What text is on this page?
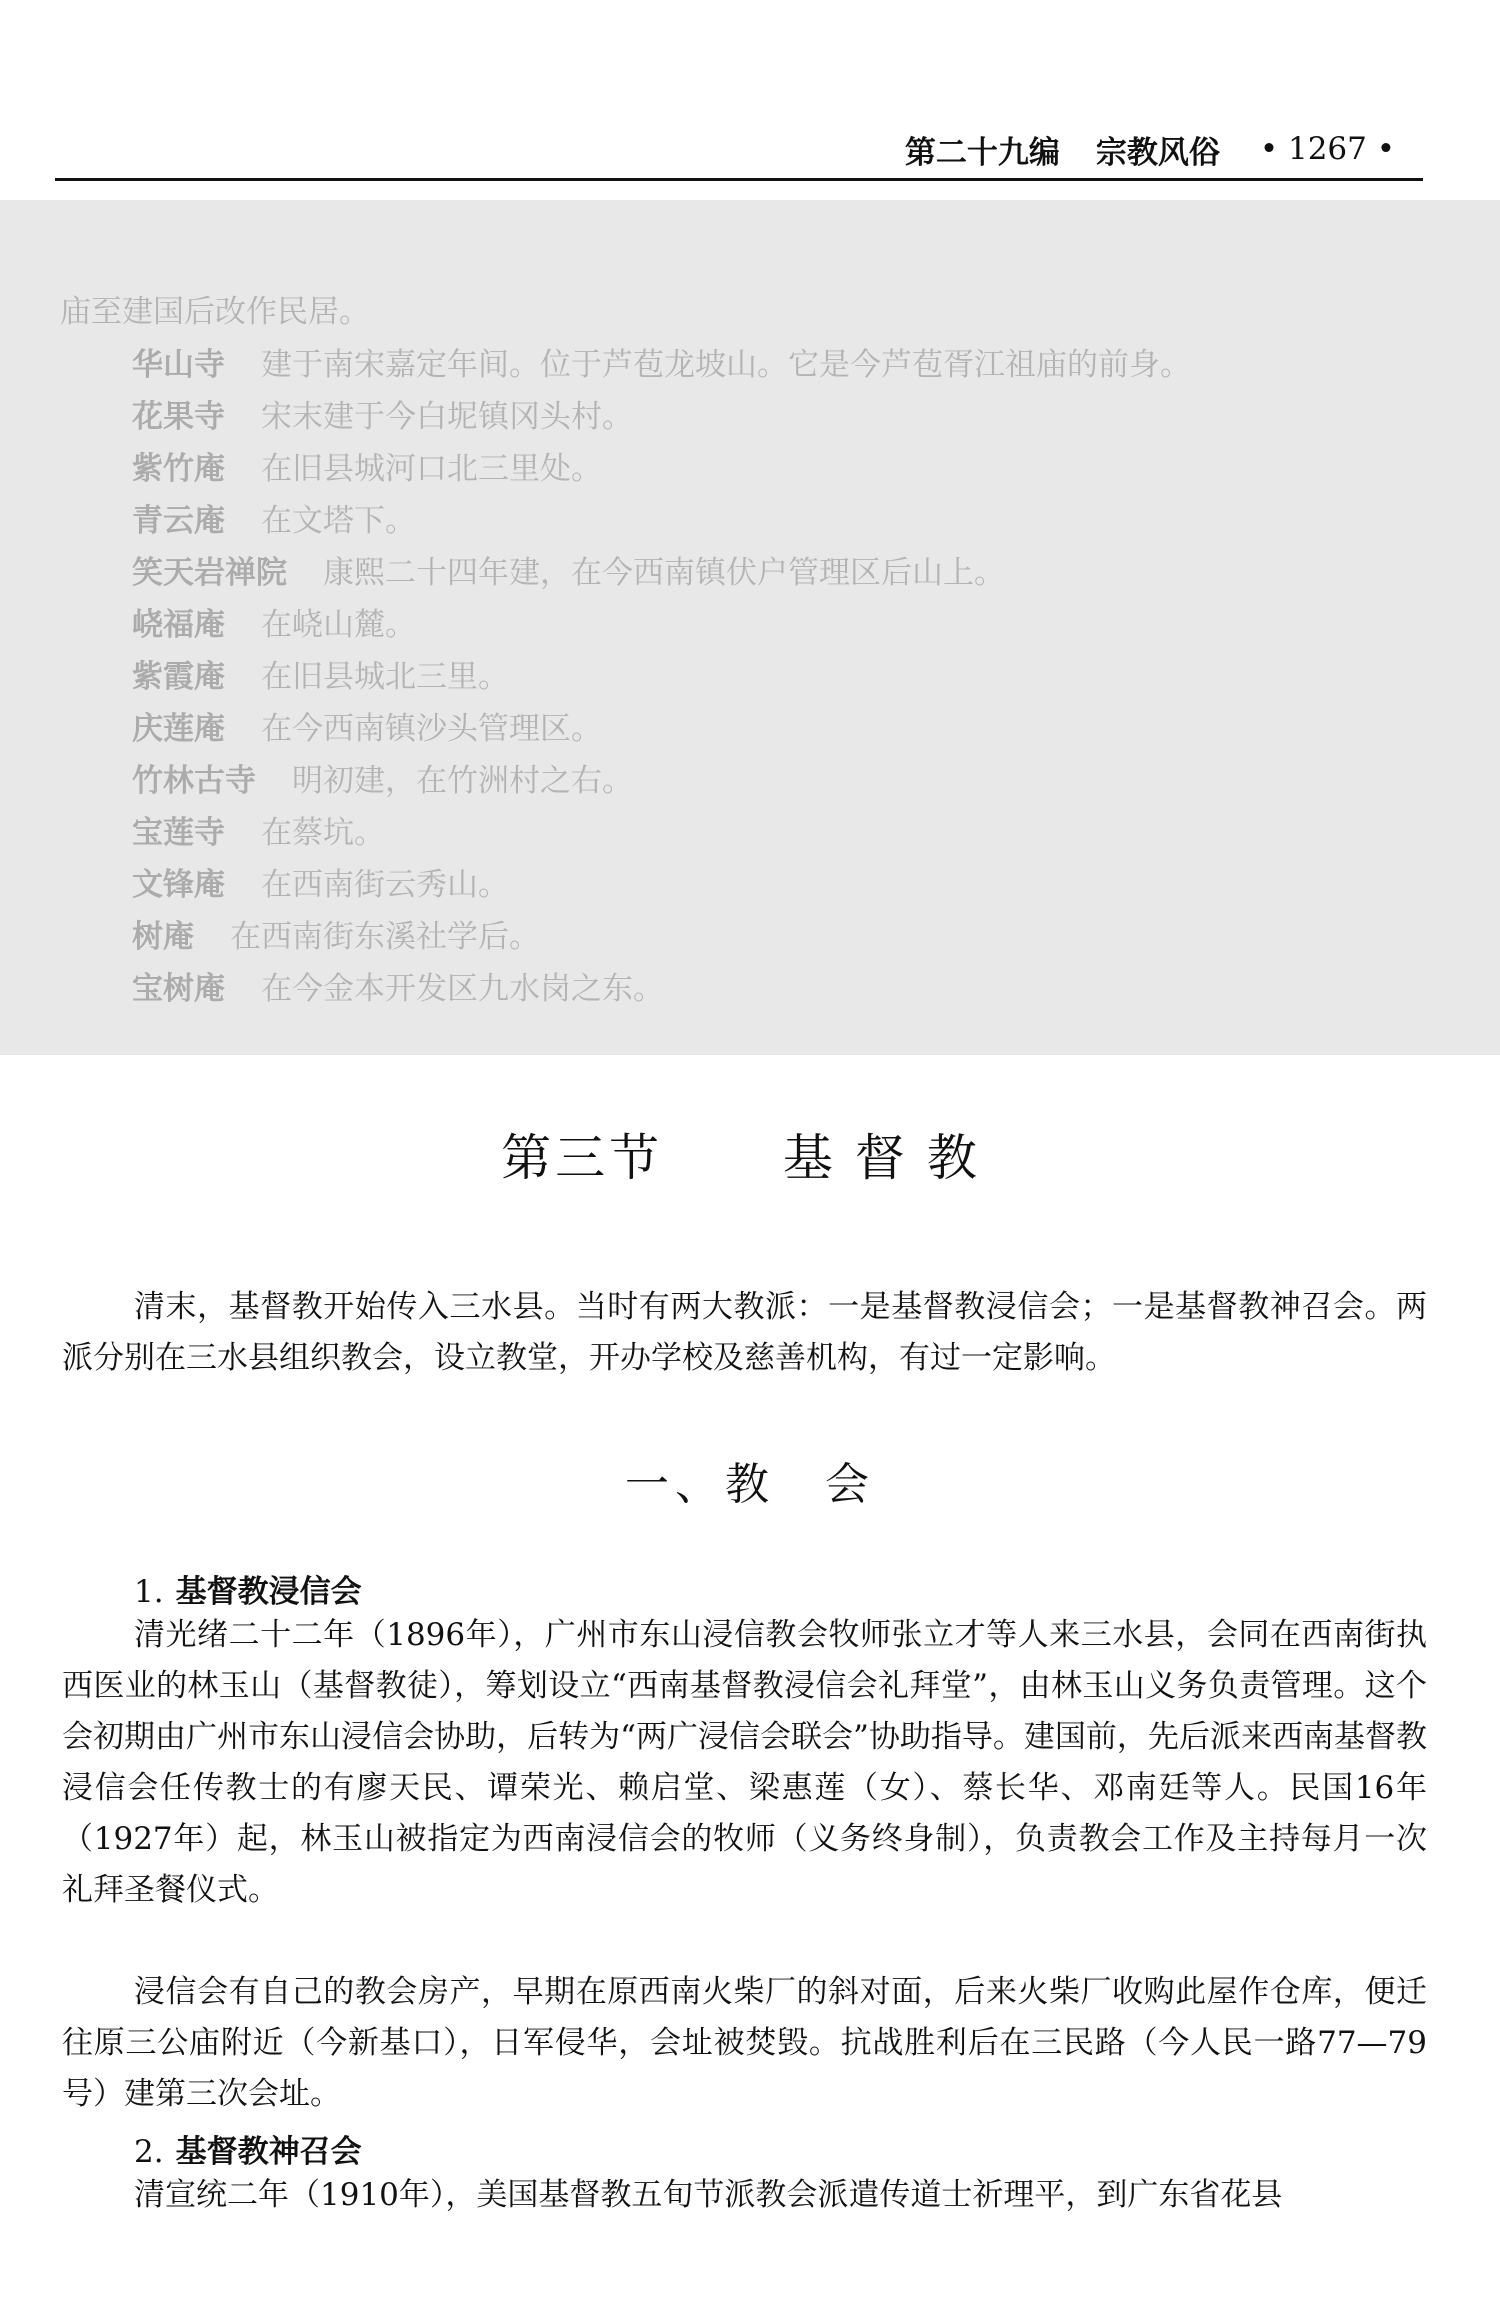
第二十九编 宗教风俗 • 1267 •
庙至建国后改作民居。
华山寺 建于南宋嘉定年间。位于芦苞龙坡山。它是今芦苞胥江祖庙的前身。
花果寺 宋末建于今白坭镇冈头村。
紫竹庵 在旧县城河口北三里处。
青云庵 在文塔下。
笑天岩禅院 康熙二十四年建，在今西南镇伏户管理区后山上。
峣福庵 在峣山麓。
紫霞庵 在旧县城北三里。
庆莲庵 在今西南镇沙头管理区。
竹林古寺 明初建，在竹洲村之右。
宝莲寺 在蔡坑。
文锋庵 在西南街云秀山。
树庵 在西南街东溪社学后。
宝树庵 在今金本开发区九水岗之东。
第三节 基督教
清末，基督教开始传入三水县。当时有两大教派：一是基督教浸信会；一是基督教神召会。两派分别在三水县组织教会，设立教堂，开办学校及慈善机构，有过一定影响。
一、教　会
1. 基督教浸信会
清光绪二十二年（1896年），广州市东山浸信教会牧师张立才等人来三水县，会同在西南街执西医业的林玉山（基督教徒），筹划设立“西南基督教浸信会礼拜堂”，由林玉山义务负责管理。这个会初期由广州市东山浸信会协助，后转为“两广浸信会联会”协助指导。建国前，先后派来西南基督教浸信会任传教士的有廖天民、谭荣光、赖启堂、梁惠莲（女）、蔡长华、邓南廷等人。民国16年（1927年）起，林玉山被指定为西南浸信会的牧师（义务终身制），负责教会工作及主持每月一次礼拜圣餐仪式。
浸信会有自己的教会房产，早期在原西南火柴厂的斜对面，后来火柴厂收购此屋作仓库，便迁往原三公庙附近（今新基口），日军侵华，会址被焚毁。抗战胜利后在三民路（今人民一路77—79号）建第三次会址。
2. 基督教神召会
清宣统二年（1910年），美国基督教五旬节派教会派遣传道士祈理平，到广东省花县
